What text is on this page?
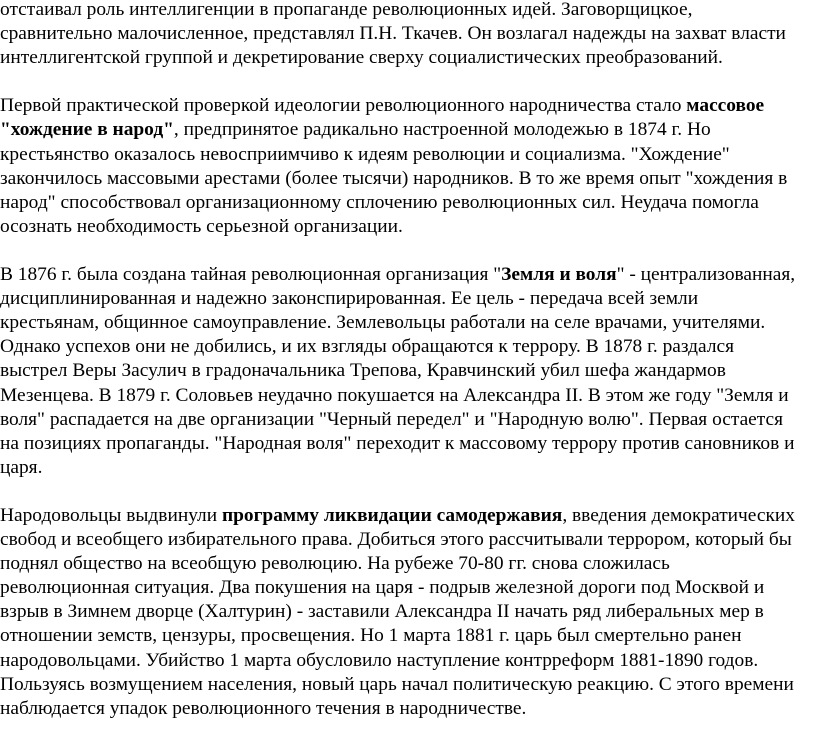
отстаивал роль интеллигенции в пропаганде революционных идей. Заговорщицкое,
сравнительно малочисленное, представлял П.Н. Ткачев. Он возлагал надежды на захват власти
интеллигентской группой и декретирование сверху социалистических преобразований.

Первой практической проверкой идеологии революционного народничества стало массовое
"хождение в народ", предпринятое радикально настроенной молодежью в 1874 г. Но
крестьянство оказалось невосприимчиво к идеям революции и социализма. "Хождение"
закончилось массовыми арестами (более тысячи) народников. В то же время опыт "хождения в
народ" способствовал организационному сплочению революционных сил. Неудача помогла
осознать необходимость серьезной организации.

В 1876 г. была создана тайная революционная организация "Земля и воля" - централизованная,
дисциплинированная и надежно законспирированная. Ее цель - передача всей земли
крестьянам, общинное самоуправление. Землевольцы работали на селе врачами, учителями.
Однако успехов они не добились, и их взгляды обращаются к террору. В 1878 г. раздался
выстрел Веры Засулич в градоначальника Трепова, Кравчинский убил шефа жандармов
Мезенцева. В 1879 г. Соловьев неудачно покушается на Александра II. В этом же году "Земля и
воля" распадается на две организации "Черный передел" и "Народную волю". Первая остается
на позициях пропаганды. "Народная воля" переходит к массовому террору против сановников и
царя.

Народовольцы выдвинули программу ликвидации самодержавия, введения демократических
свобод и всеобщего избирательного права. Добиться этого рассчитывали террором, который бы
поднял общество на всеобщую революцию. На рубеже 70-80 гг. снова сложилась
революционная ситуация. Два покушения на царя - подрыв железной дороги под Москвой и
взрыв в Зимнем дворце (Халтурин) - заставили Александра II начать ряд либеральных мер в
отношении земств, цензуры, просвещения. Но 1 марта 1881 г. царь был смертельно ранен
народовольцами. Убийство 1 марта обусловило наступление контрреформ 1881-1890 годов.
Пользуясь возмущением населения, новый царь начал политическую реакцию. С этого времени
наблюдается упадок революционного течения в народничестве.
